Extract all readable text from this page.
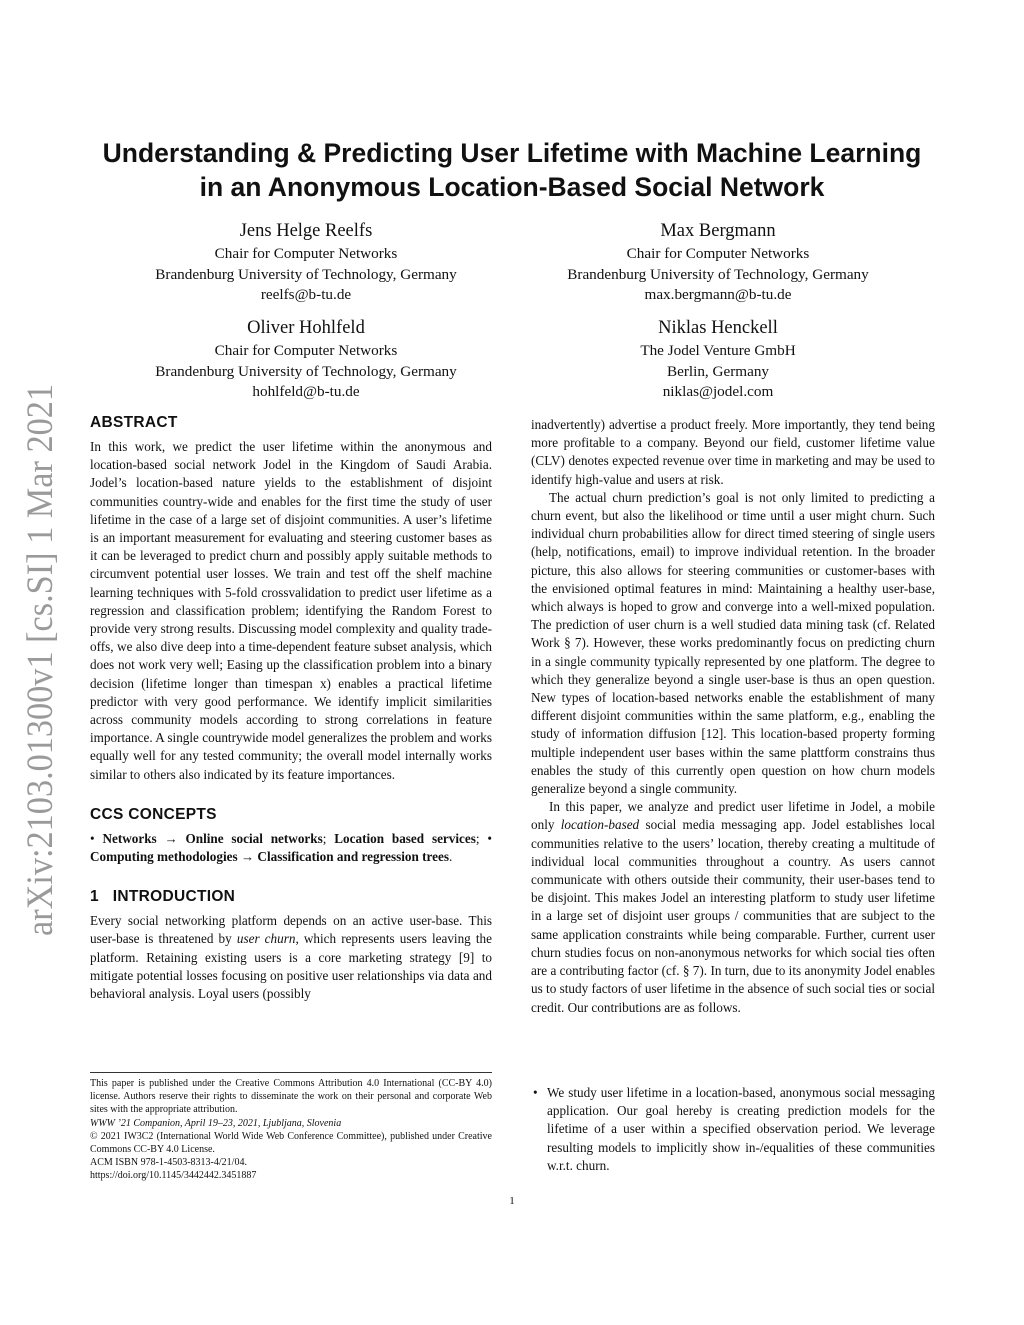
arXiv:2103.01300v1 [cs.SI] 1 Mar 2021
Understanding & Predicting User Lifetime with Machine Learning in an Anonymous Location-Based Social Network
Jens Helge Reelfs
Chair for Computer Networks
Brandenburg University of Technology, Germany
reelfs@b-tu.de
Max Bergmann
Chair for Computer Networks
Brandenburg University of Technology, Germany
max.bergmann@b-tu.de
Oliver Hohlfeld
Chair for Computer Networks
Brandenburg University of Technology, Germany
hohlfeld@b-tu.de
Niklas Henckell
The Jodel Venture GmbH
Berlin, Germany
niklas@jodel.com
ABSTRACT

In this work, we predict the user lifetime within the anonymous and location-based social network Jodel in the Kingdom of Saudi Arabia. Jodel’s location-based nature yields to the establishment of disjoint communities country-wide and enables for the first time the study of user lifetime in the case of a large set of disjoint communities. A user’s lifetime is an important measurement for evaluating and steering customer bases as it can be leveraged to predict churn and possibly apply suitable methods to circumvent potential user losses. We train and test off the shelf machine learning techniques with 5-fold crossvalidation to predict user lifetime as a regression and classification problem; identifying the Random Forest to provide very strong results. Discussing model complexity and quality trade-offs, we also dive deep into a time-dependent feature subset analysis, which does not work very well; Easing up the classification problem into a binary decision (lifetime longer than timespan x) enables a practical lifetime predictor with very good performance. We identify implicit similarities across community models according to strong correlations in feature importance. A single countrywide model generalizes the problem and works equally well for any tested community; the overall model internally works similar to others also indicated by its feature importances.

CCS CONCEPTS

• Networks → Online social networks; Location based services; • Computing methodologies → Classification and regression trees.

1   INTRODUCTION

Every social networking platform depends on an active user-base. This user-base is threatened by user churn, which represents users leaving the platform. Retaining existing users is a core marketing strategy [9] to mitigate potential losses focusing on positive user relationships via data and behavioral analysis. Loyal users (possibly

This paper is published under the Creative Commons Attribution 4.0 International (CC-BY 4.0) license. Authors reserve their rights to disseminate the work on their personal and corporate Web sites with the appropriate attribution.
WWW ’21 Companion, April 19–23, 2021, Ljubljana, Slovenia
© 2021 IW3C2 (International World Wide Web Conference Committee), published under Creative Commons CC-BY 4.0 License.
ACM ISBN 978-1-4503-8313-4/21/04.
https://doi.org/10.1145/3442442.3451887

inadvertently) advertise a product freely. More importantly, they tend being more profitable to a company. Beyond our field, customer lifetime value (CLV) denotes expected revenue over time in marketing and may be used to identify high-value and users at risk.

The actual churn prediction’s goal is not only limited to predicting a churn event, but also the likelihood or time until a user might churn. Such individual churn probabilities allow for direct timed steering of single users (help, notifications, email) to improve individual retention. In the broader picture, this also allows for steering communities or customer-bases with the envisioned optimal features in mind: Maintaining a healthy user-base, which always is hoped to grow and converge into a well-mixed population. The prediction of user churn is a well studied data mining task (cf. Related Work § 7). However, these works predominantly focus on predicting churn in a single community typically represented by one platform. The degree to which they generalize beyond a single user-base is thus an open question. New types of location-based networks enable the establishment of many different disjoint communities within the same platform, e.g., enabling the study of information diffusion [12]. This location-based property forming multiple independent user bases within the same plattform constrains thus enables the study of this currently open question on how churn models generalize beyond a single community.

In this paper, we analyze and predict user lifetime in Jodel, a mobile only location-based social media messaging app. Jodel establishes local communities relative to the users’ location, thereby creating a multitude of individual local communities throughout a country. As users cannot communicate with others outside their community, their user-bases tend to be disjoint. This makes Jodel an interesting platform to study user lifetime in a large set of disjoint user groups / communities that are subject to the same application constraints while being comparable. Further, current user churn studies focus on non-anonymous networks for which social ties often are a contributing factor (cf. § 7). In turn, due to its anonymity Jodel enables us to study factors of user lifetime in the absence of such social ties or social credit. Our contributions are as follows.

• We study user lifetime in a location-based, anonymous social messaging application. Our goal hereby is creating prediction models for the lifetime of a user within a specified observation period. We leverage resulting models to implicitly show in-/equalities of these communities w.r.t. churn.
1
